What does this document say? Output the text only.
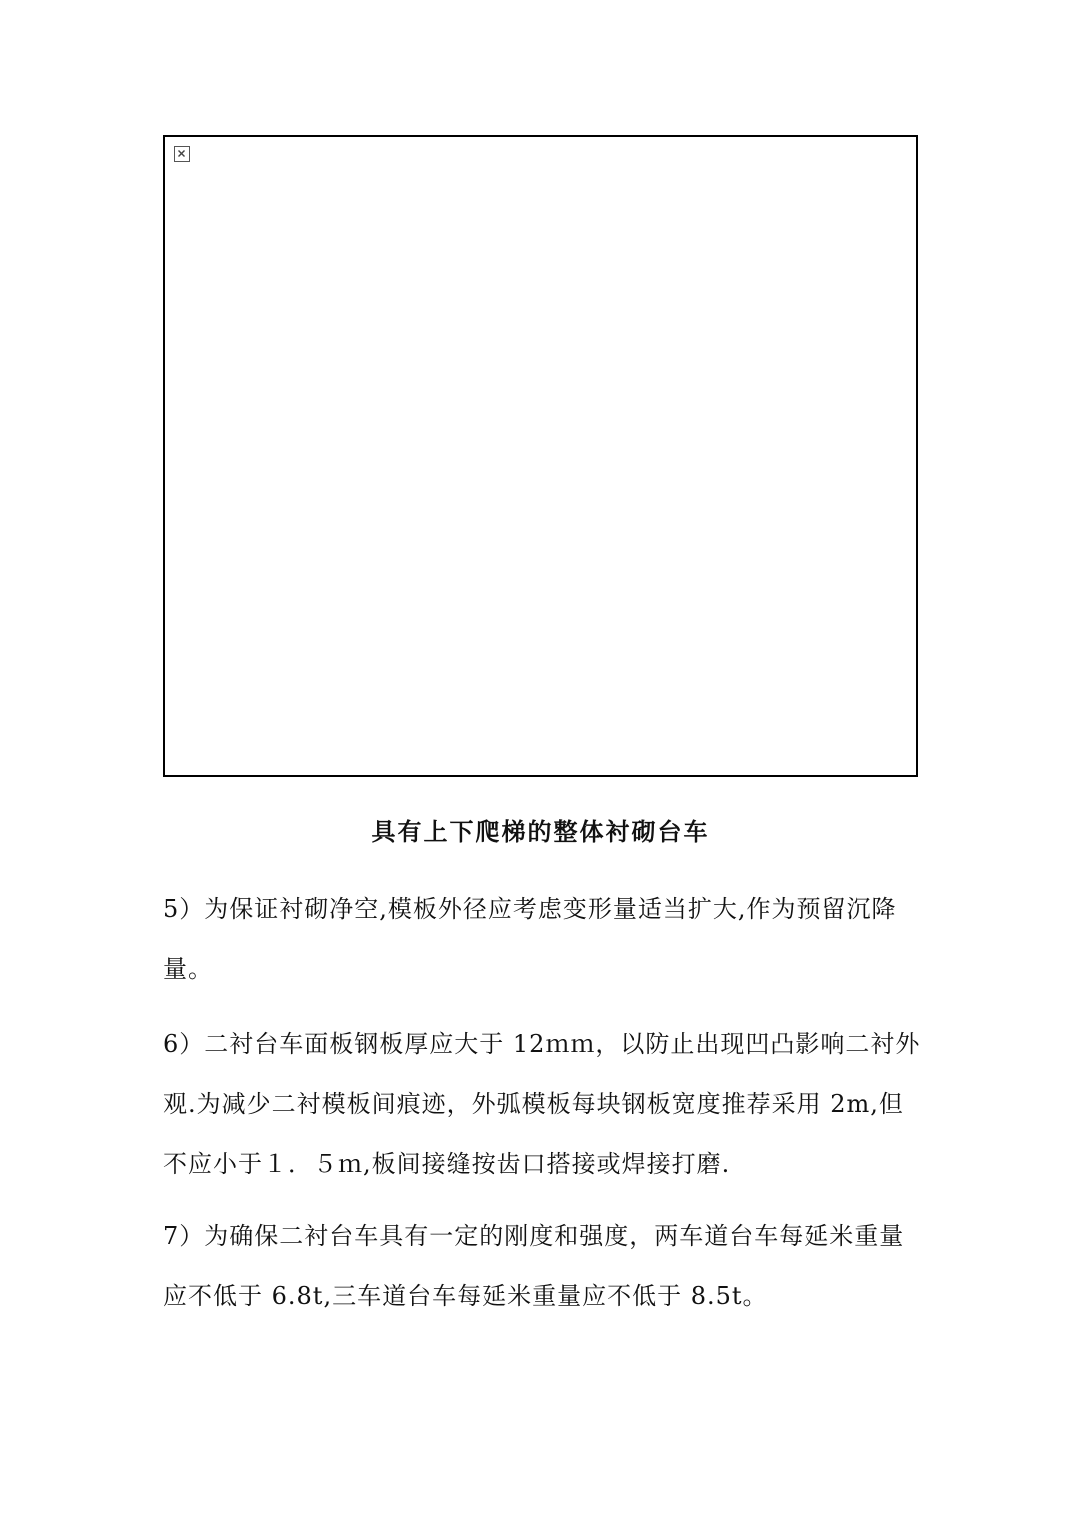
具有上下爬梯的整体衬砌台车
5）为保证衬砌净空,模板外径应考虑变形量适当扩大,作为预留沉降
量。
6）二衬台车面板钢板厚应大于 12ｍｍ，以防止出现凹凸影响二衬外
观.为减少二衬模板间痕迹，外弧模板每块钢板宽度推荐采用 2m,但
不应小于１．５ｍ,板间接缝按齿口搭接或焊接打磨.
7）为确保二衬台车具有一定的刚度和强度，两车道台车每延米重量
应不低于 6.8t,三车道台车每延米重量应不低于 8.5t。
